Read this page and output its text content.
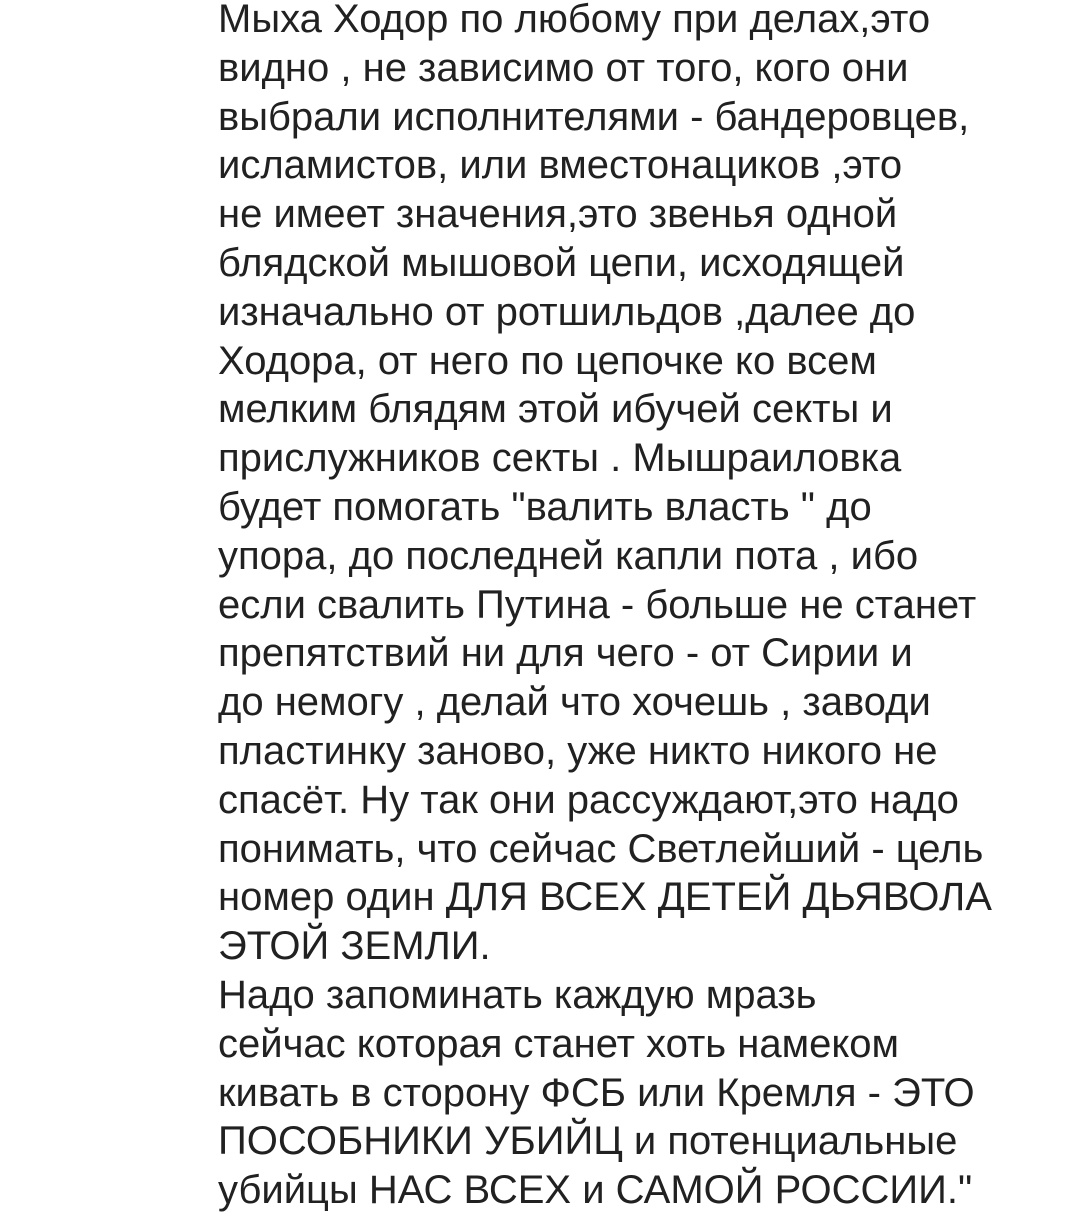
Мыха Ходор по любому при делах,это
видно , не зависимо от того, кого они
выбрали исполнителями - бандеровцев,
исламистов, или вместонациков ,это
не имеет значения,это звенья одной
блядской мышовой цепи, исходящей
изначально от ротшильдов ,далее до
Ходора, от него по цепочке ко всем
мелким блядям этой ибучей секты и
прислужников секты . Мышраиловка
будет помогать "валить власть " до
упора, до последней капли пота , ибо
если свалить Путина - больше не станет
препятствий ни для чего - от Сирии и
до немогу , делай что хочешь , заводи
пластинку заново, уже никто никого не
спасёт. Ну так они рассуждают,это надо
понимать, что сейчас Светлейший - цель
номер один ДЛЯ ВСЕХ ДЕТЕЙ ДЬЯВОЛА
ЭТОЙ ЗЕМЛИ.
Надо запоминать каждую мразь
сейчас которая станет хоть намеком
кивать в сторону ФСБ или Кремля - ЭТО
ПОСОБНИКИ УБИЙЦ и потенциальные
убийцы НАС ВСЕХ и САМОЙ РОССИИ."
